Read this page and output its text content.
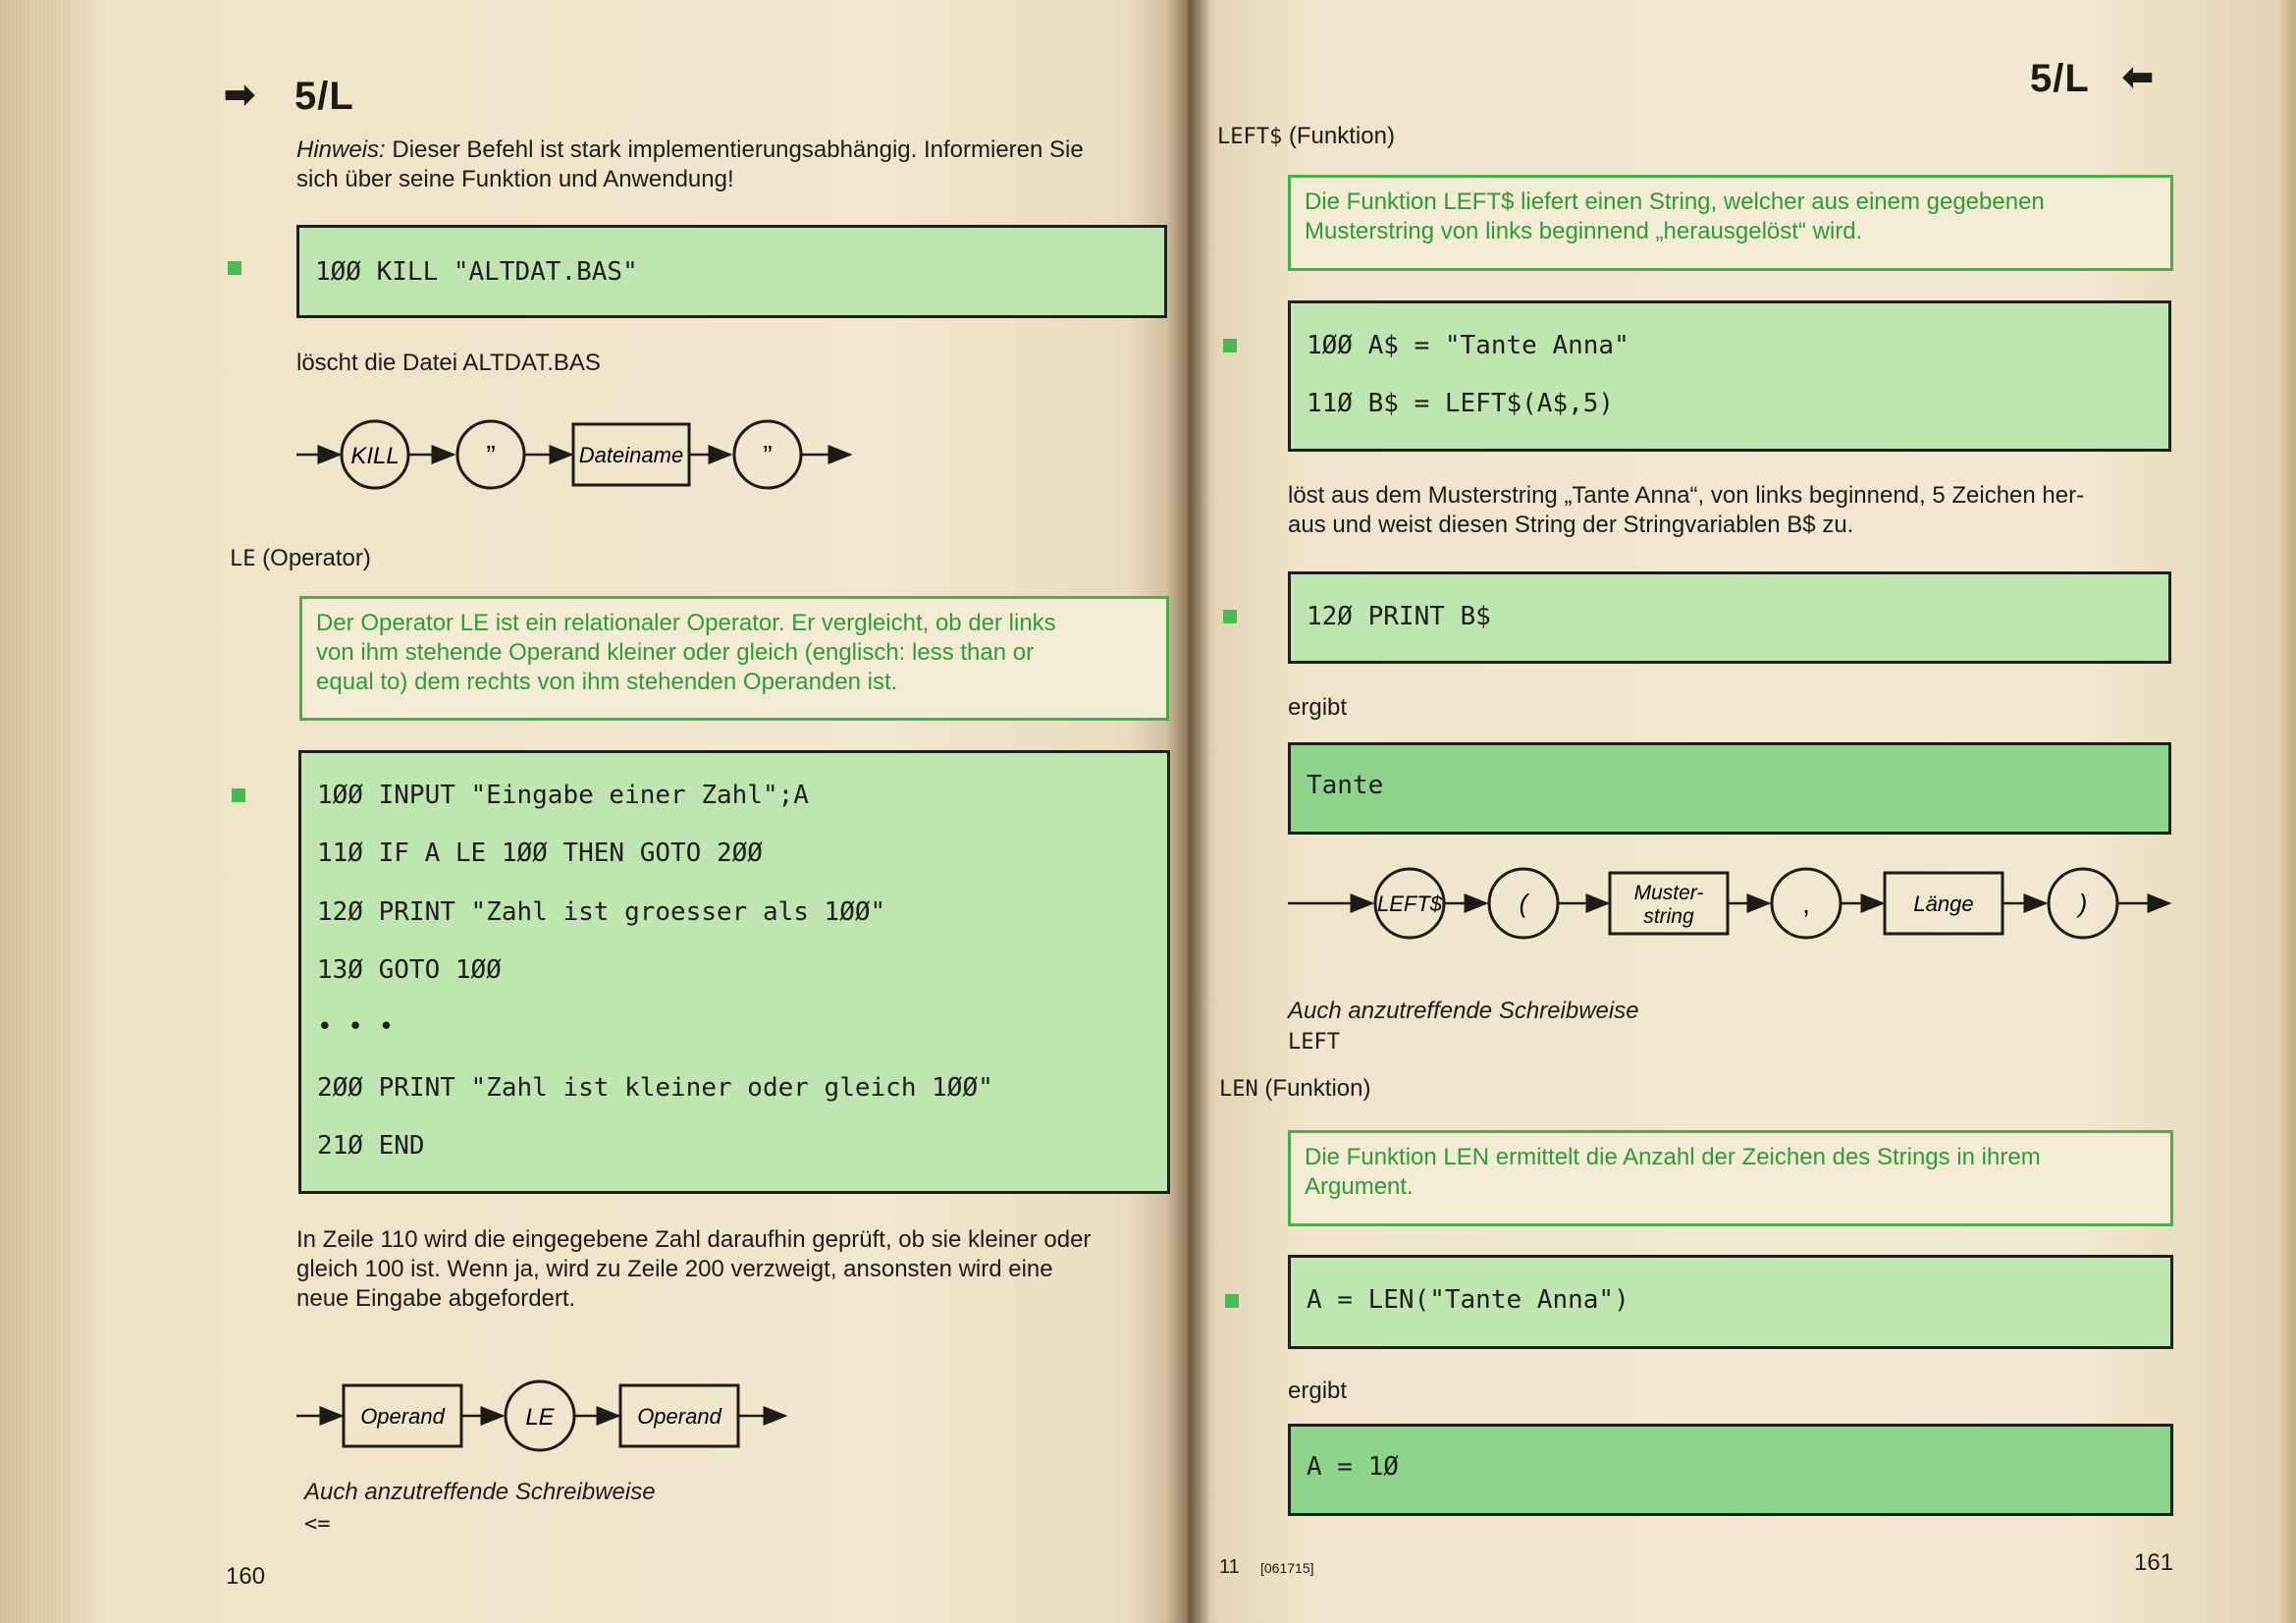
➡ 5/L
Hinweis: Dieser Befehl ist stark implementierungsabhängig. Informieren Sie
sich über seine Funktion und Anwendung!
1ØØ KILL "ALTDAT.BAS"
löscht die Datei ALTDAT.BAS
KILL	”	Dateiname	”
LE (Operator)
Der Operator LE ist ein relationaler Operator. Er vergleicht, ob der links
von ihm stehende Operand kleiner oder gleich (englisch: less than or
equal to) dem rechts von ihm stehenden Operanden ist.
1ØØ INPUT "Eingabe einer Zahl";A
11Ø IF A LE 1ØØ THEN GOTO 2ØØ
12Ø PRINT "Zahl ist groesser als 1ØØ"
13Ø GOTO 1ØØ
• • •
2ØØ PRINT "Zahl ist kleiner oder gleich 1ØØ"
21Ø END
In Zeile 110 wird die eingegebene Zahl daraufhin geprüft, ob sie kleiner oder
gleich 100 ist. Wenn ja, wird zu Zeile 200 verzweigt, ansonsten wird eine
neue Eingabe abgefordert.
Operand	LE	Operand
Auch anzutreffende Schreibweise
<=
160
5/L ⬅
LEFT$ (Funktion)
Die Funktion LEFT$ liefert einen String, welcher aus einem gegebenen
Musterstring von links beginnend „herausgelöst“ wird.
1ØØ A$ = "Tante Anna"
11Ø B$ = LEFT$(A$,5)
löst aus dem Musterstring „Tante Anna“, von links beginnend, 5 Zeichen her-
aus und weist diesen String der Stringvariablen B$ zu.
12Ø PRINT B$
ergibt
Tante
LEFT$	(	Muster-
string	,	Länge	)
Auch anzutreffende Schreibweise
LEFT
LEN (Funktion)
Die Funktion LEN ermittelt die Anzahl der Zeichen des Strings in ihrem
Argument.
A = LEN("Tante Anna")
ergibt
A = 1Ø
11 [061715]	161
